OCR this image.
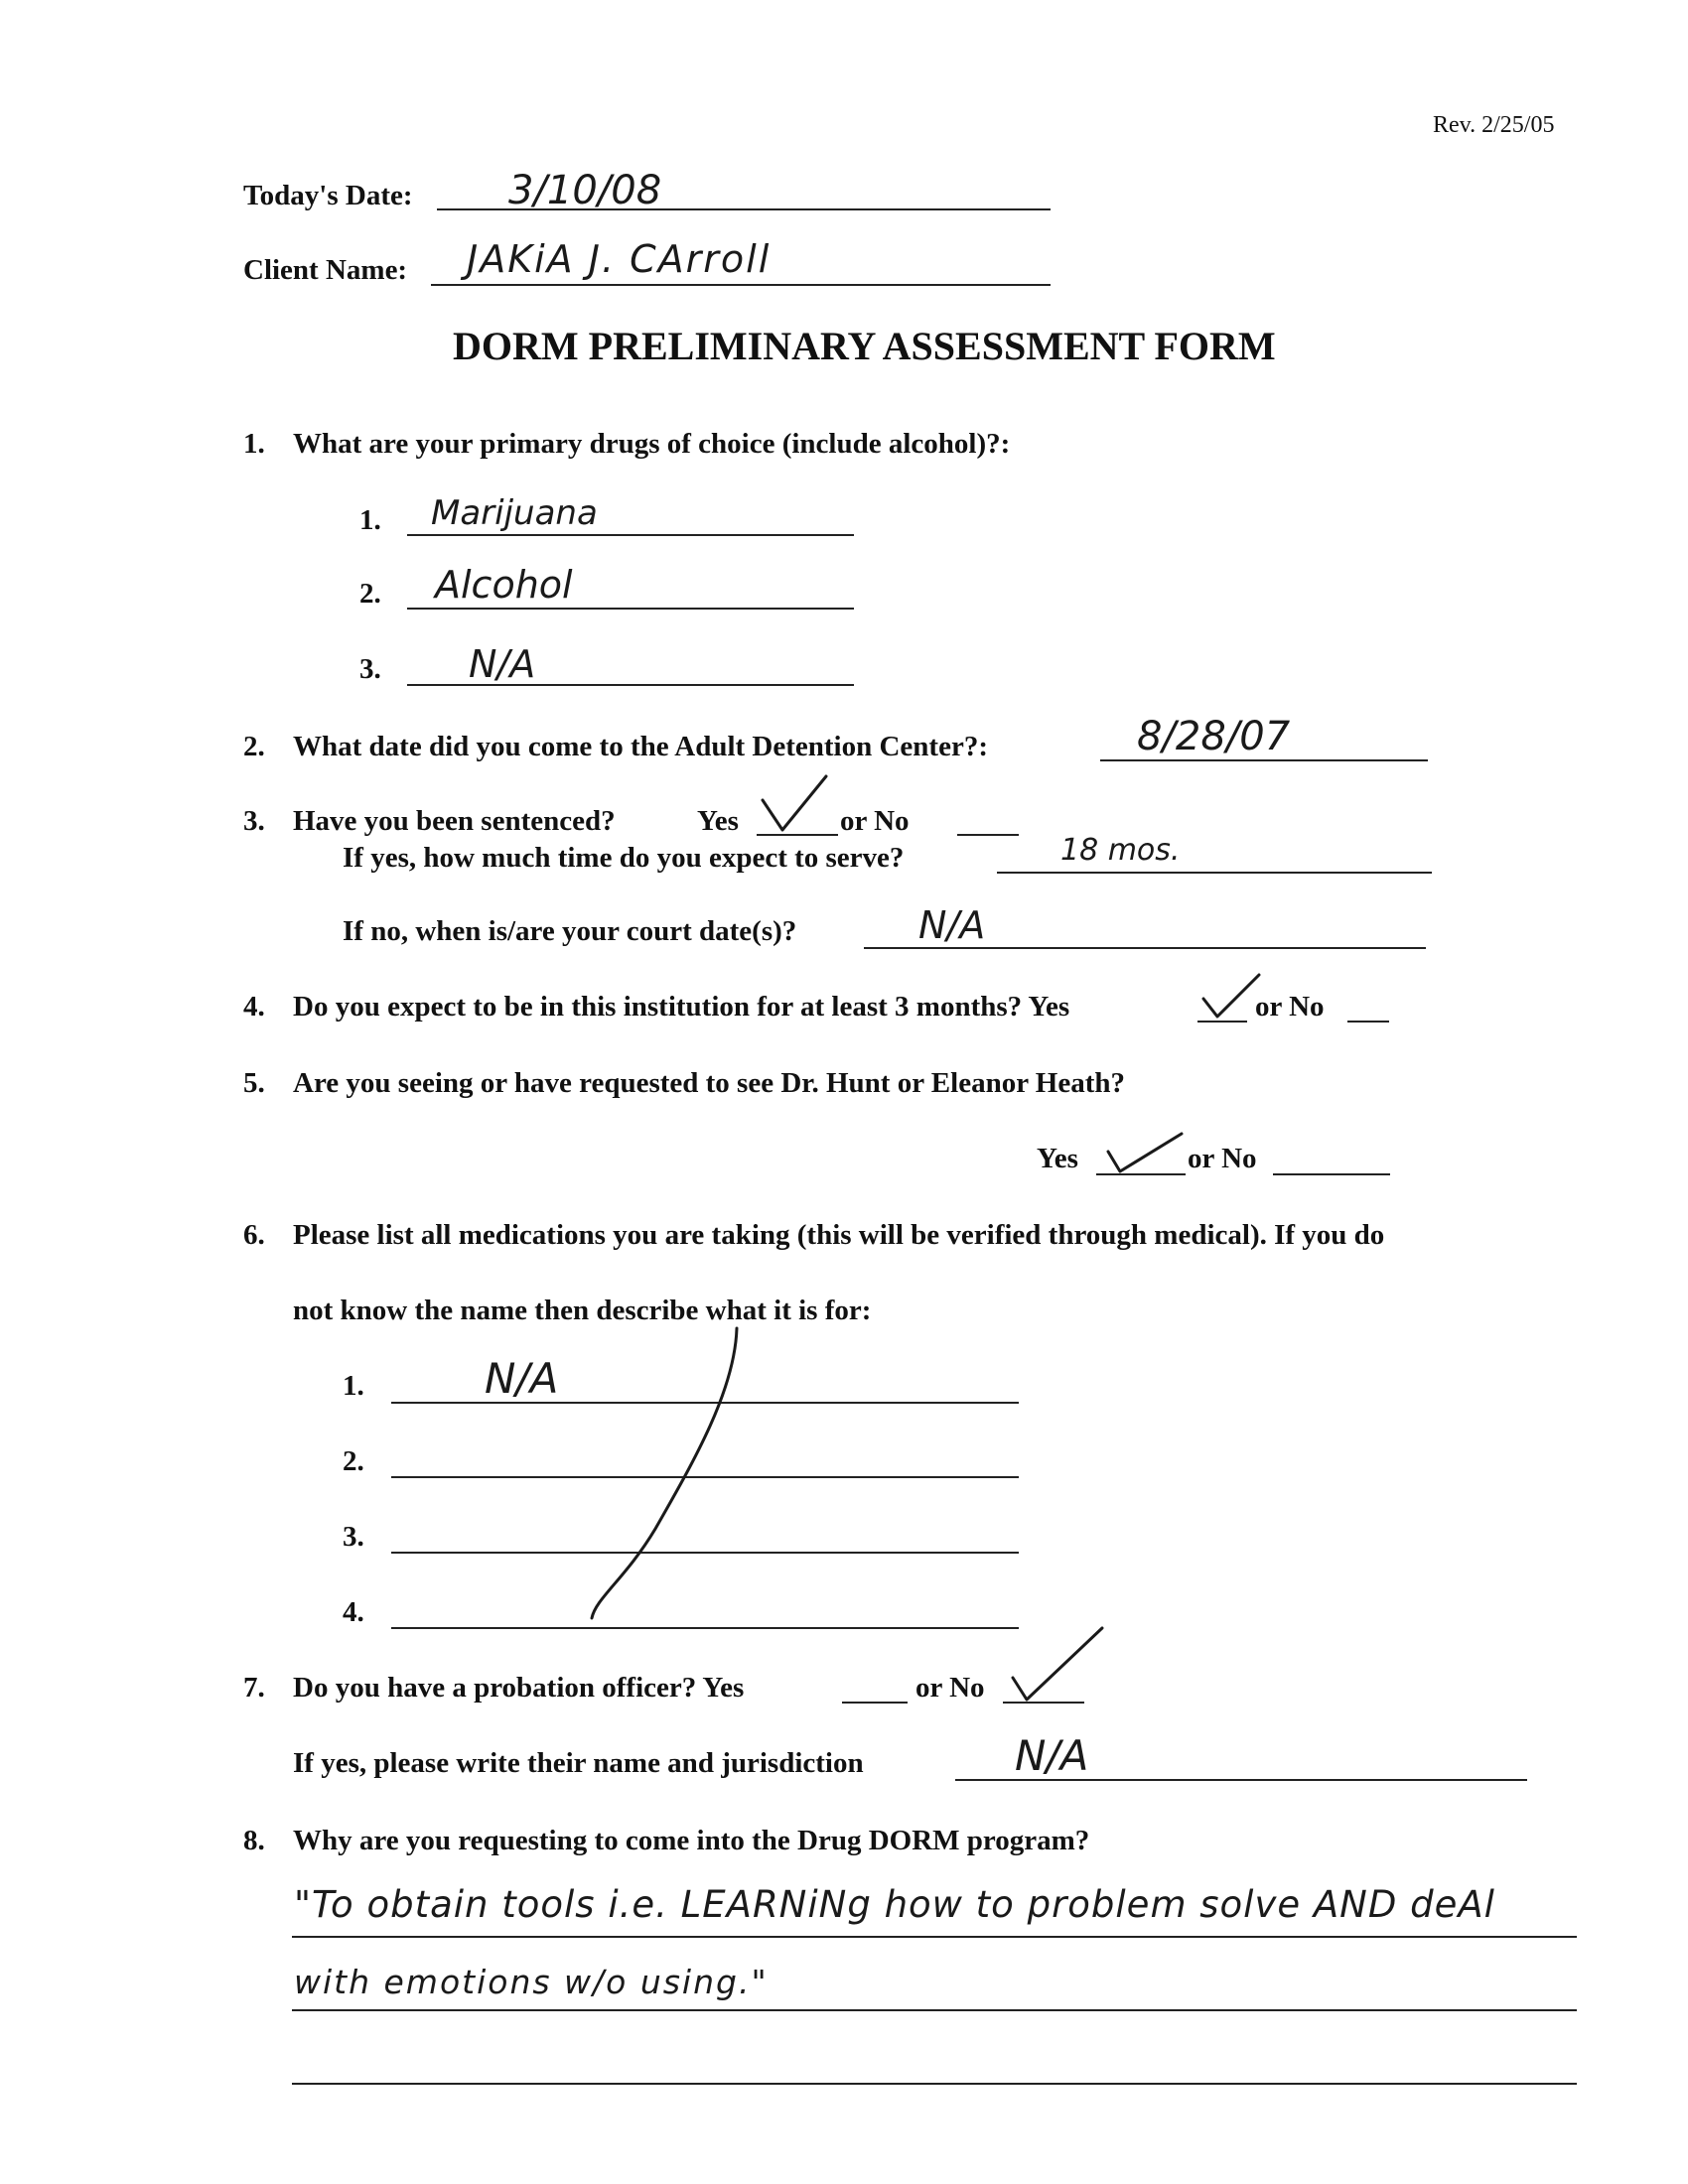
Rev. 2/25/05
Today's Date: 3/10/08
Client Name: JAKiA J. CArroll
DORM PRELIMINARY ASSESSMENT FORM
1. What are your primary drugs of choice (include alcohol)?:
1. Marijuana
2. Alcohol
3. N/A
2. What date did you come to the Adult Detention Center?:	8/28/07
3. Have you been sentenced?	Yes	or No
If yes, how much time do you expect to serve?	18 mos.
If no, when is/are your court date(s)?	N/A
4. Do you expect to be in this institution for at least 3 months? Yes	or No
5. Are you seeing or have requested to see Dr. Hunt or Eleanor Heath?
Yes	or No
6. Please list all medications you are taking (this will be verified through medical). If you do
not know the name then describe what it is for:
1.	N/A
2.
3.
4.
7. Do you have a probation officer? Yes	or No
If yes, please write their name and jurisdiction	N/A
8. Why are you requesting to come into the Drug DORM program?
"To obtain tools i.e. LEARNiNg how to problem solve AND deAl
with emotions w/o using."
